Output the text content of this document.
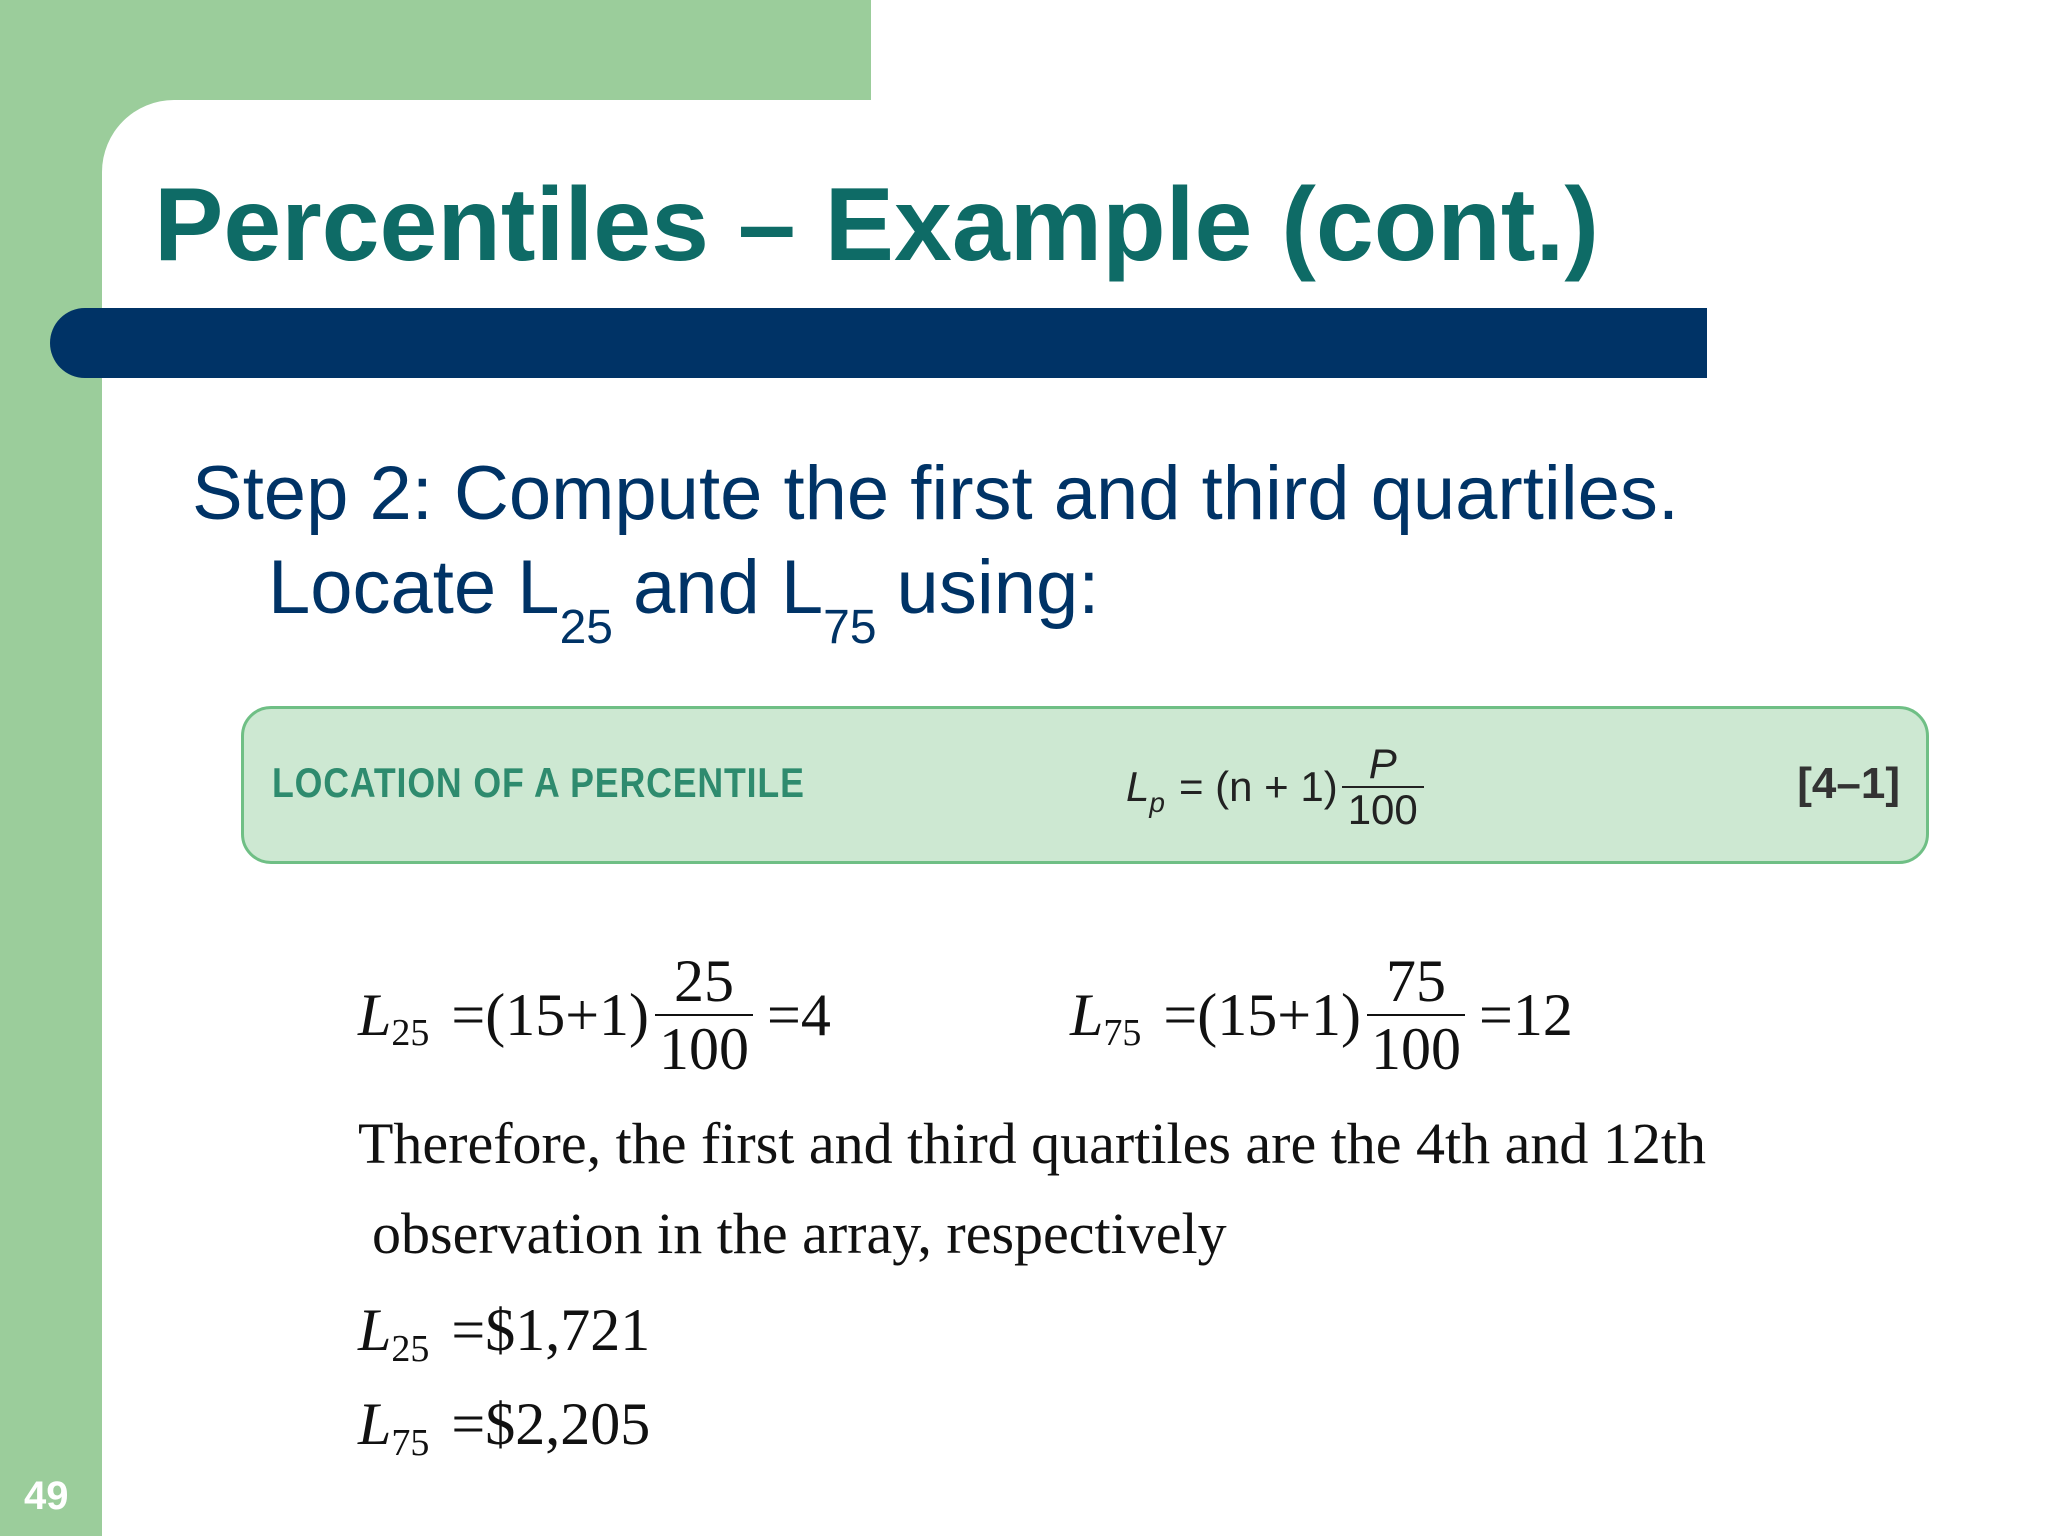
Percentiles – Example (cont.)
Step 2: Compute the first and third quartiles.
Locate $L_{25}$ and $L_{75}$ using:
LOCATION OF A PERCENTILE	L $p = (n + 1) \frac{P}{100}$	[4–1]
L $25 =(15+1) \frac{25}{100} =4$	L $75 =(15+1) \frac{75}{100} =12$
Therefore, the first and third quartiles are the 4th and 12th
observation in the array, respectively
L 25 =$1,721
L 75 =$2,205
49
